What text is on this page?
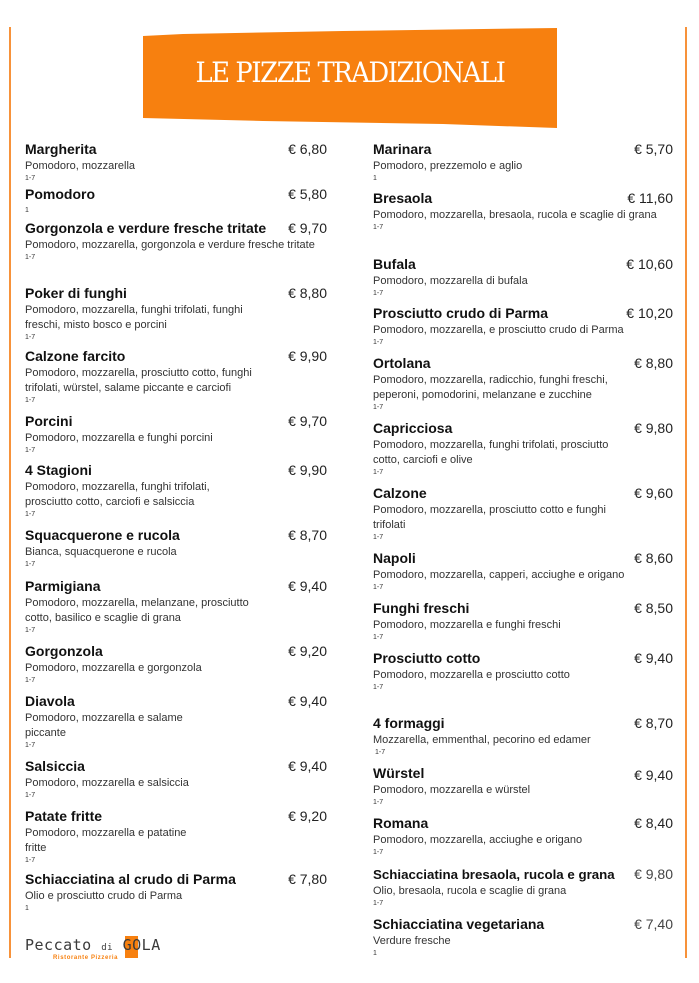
LE PIZZE TRADIZIONALI
Margherita	€ 6,80
Pomodoro, mozzarella
1-7
Pomodoro	€ 5,80
1
Gorgonzola e verdure fresche tritate	€ 9,70
Pomodoro, mozzarella, gorgonzola e verdure fresche tritate
1-7
Poker di funghi	€ 8,80
Pomodoro, mozzarella, funghi trifolati, funghi freschi, misto bosco e porcini
1-7
Calzone farcito	€ 9,90
Pomodoro, mozzarella, prosciutto cotto, funghi trifolati, würstel, salame piccante e carciofi
1-7
Porcini	€ 9,70
Pomodoro, mozzarella e funghi porcini
1-7
4 Stagioni	€ 9,90
Pomodoro, mozzarella, funghi trifolati, prosciutto cotto, carciofi e salsiccia
1-7
Squacquerone e rucola	€ 8,70
Bianca, squacquerone e rucola
1-7
Parmigiana	€ 9,40
Pomodoro, mozzarella, melanzane, prosciutto cotto, basilico e scaglie di grana
1-7
Gorgonzola	€ 9,20
Pomodoro, mozzarella e gorgonzola
1-7
Diavola	€ 9,40
Pomodoro, mozzarella e salame piccante
1-7
Salsiccia	€ 9,40
Pomodoro, mozzarella e salsiccia
1-7
Patate fritte	€ 9,20
Pomodoro, mozzarella e patatine fritte
1-7
Schiacciatina al crudo di Parma	€ 7,80
Olio e prosciutto crudo di Parma
1
Marinara	€ 5,70
Pomodoro, prezzemolo e aglio
1
Bresaola	€ 11,60
Pomodoro, mozzarella, bresaola, rucola e scaglie di grana
1-7
Bufala	€ 10,60
Pomodoro, mozzarella di bufala
1-7
Prosciutto crudo di Parma	€ 10,20
Pomodoro, mozzarella, e prosciutto crudo di Parma
1-7
Ortolana	€ 8,80
Pomodoro, mozzarella, radicchio, funghi freschi, peperoni, pomodorini, melanzane e zucchine
1-7
Capricciosa	€ 9,80
Pomodoro, mozzarella, funghi trifolati, prosciutto cotto, carciofi e olive
1-7
Calzone	€ 9,60
Pomodoro, mozzarella, prosciutto cotto e funghi trifolati
1-7
Napoli	€ 8,60
Pomodoro, mozzarella, capperi, acciughe e origano
1-7
Funghi freschi	€ 8,50
Pomodoro, mozzarella e funghi freschi
1-7
Prosciutto cotto	€ 9,40
Pomodoro, mozzarella e prosciutto cotto
1-7
4 formaggi	€ 8,70
Mozzarella, emmenthal, pecorino ed edamer
1-7
Würstel	€ 9,40
Pomodoro, mozzarella e würstel
1-7
Romana	€ 8,40
Pomodoro, mozzarella, acciughe e origano
1-7
Schiacciatina bresaola, rucola e grana	€ 9,80
Olio, bresaola, rucola e scaglie di grana
1-7
Schiacciatina vegetariana	€ 7,40
Verdure fresche
1
Peccato di GOLA
Ristorante Pizzeria
